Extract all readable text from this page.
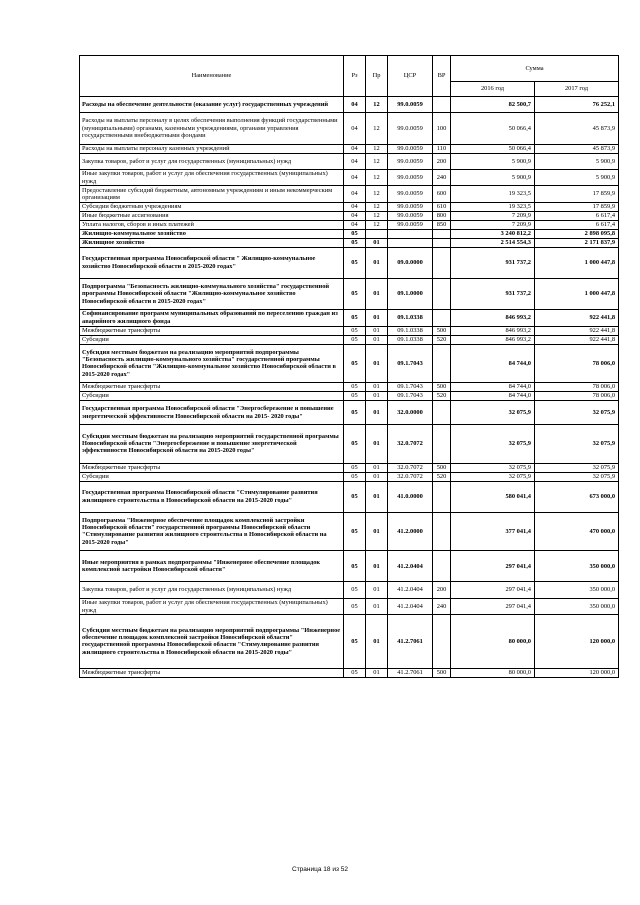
Наименование	Рз	Пр	ЦСР	ВР	Сумма	
					2016 год	2017 год
Расходы на обеспечение деятельности (оказание услуг) государственных учреждений	04	12	99.0.0059		82 500,7	76 252,1
Расходы на выплаты персоналу в целях обеспечения выполнения функций государственными (муниципальными) органами, казенными учреждениями, органами управления государственными внебюджетными фондами	04	12	99.0.0059	100	50 066,4	45 873,9
Расходы на выплаты персоналу казенных учреждений	04	12	99.0.0059	110	50 066,4	45 873,9
Закупка товаров, работ и услуг для государственных (муниципальных) нужд	04	12	99.0.0059	200	5 900,9	5 900,9
Иные закупки товаров, работ и услуг для обеспечения государственных (муниципальных) нужд	04	12	99.0.0059	240	5 900,9	5 900,9
Предоставление субсидий бюджетным, автономным учреждениям и иным некоммерческим организациям	04	12	99.0.0059	600	19 323,5	17 859,9
Субсидии бюджетным учреждениям	04	12	99.0.0059	610	19 323,5	17 859,9
Иные бюджетные ассигнования	04	12	99.0.0059	800	7 209,9	6 617,4
Уплата налогов, сборов и иных платежей	04	12	99.0.0059	850	7 209,9	6 617,4
Жилищно-коммунальное хозяйство	05				3 240 812,2	2 898 095,8
Жилищное хозяйство	05	01			2 514 554,3	2 171 837,9
Государственная программа Новосибирской области " Жилищно-коммунальное хозяйство Новосибирской области в 2015-2020 годах"	05	01	09.0.0000		931 737,2	1 000 447,8
Подпрограмма "Безопасность жилищно-коммунального хозяйства" государственной программы Новосибирской области "Жилищно-коммунальное хозяйство Новосибирской области в 2015-2020 годах"	05	01	09.1.0000		931 737,2	1 000 447,8
Софинансирование программ муниципальных образований по переселению граждан из аварийного жилищного фонда	05	01	09.1.0338		846 993,2	922 441,8
Межбюджетные трансферты	05	01	09.1.0338	500	846 993,2	922 441,8
Субсидии	05	01	09.1.0338	520	846 993,2	922 441,8
Субсидия местным бюджетам на реализацию мероприятий подпрограммы "Безопасность жилищно-коммунального хозяйства" государственной программы Новосибирской области "Жилищно-коммунальное хозяйство Новосибирской области в 2015-2020 годах"	05	01	09.1.7043		84 744,0	78 006,0
Межбюджетные трансферты	05	01	09.1.7043	500	84 744,0	78 006,0
Субсидии	05	01	09.1.7043	520	84 744,0	78 006,0
Государственная программа Новосибирской области "Энергосбережение и повышение энергетической эффективности Новосибирской области на 2015- 2020 годы"	05	01	32.0.0000		32 075,9	32 075,9
Субсидии местным бюджетам на реализацию мероприятий государственной программы Новосибирской области "Энергосбережение и повышение энергетической эффективности Новосибирской области на 2015-2020 годы"	05	01	32.0.7072		32 075,9	32 075,9
Межбюджетные трансферты	05	01	32.0.7072	500	32 075,9	32 075,9
Субсидии	05	01	32.0.7072	520	32 075,9	32 075,9
Государственная программа Новосибирской области "Стимулирование развития жилищного строительства в Новосибирской области на 2015-2020 годы"	05	01	41.0.0000		580 041,4	673 000,0
Подпрограмма "Инженерное обеспечение площадок комплексной застройки Новосибирской области" государственной программы Новосибирской области "Стимулирование развития жилищного строительства в Новосибирской области на 2015-2020 годы"	05	01	41.2.0000		377 041,4	470 000,0
Иные мероприятия в рамках подпрограммы "Инженерное обеспечение площадок комплексной застройки Новосибирской области"	05	01	41.2.0404		297 041,4	350 000,0
Закупка товаров, работ и услуг для государственных (муниципальных) нужд	05	01	41.2.0404	200	297 041,4	350 000,0
Иные закупки товаров, работ и услуг для обеспечения государственных (муниципальных) нужд	05	01	41.2.0404	240	297 041,4	350 000,0
Субсидии местным бюджетам на реализацию мероприятий подпрограммы "Инженерное обеспечение площадок комплексной застройки Новосибирской области" государственной программы Новосибирской области "Стимулирование развития жилищного строительства в Новосибирской области на 2015-2020 годы"	05	01	41.2.7061		80 000,0	120 000,0
Межбюджетные трансферты	05	01	41.2.7061	500	80 000,0	120 000,0
Страница 18 из 52
